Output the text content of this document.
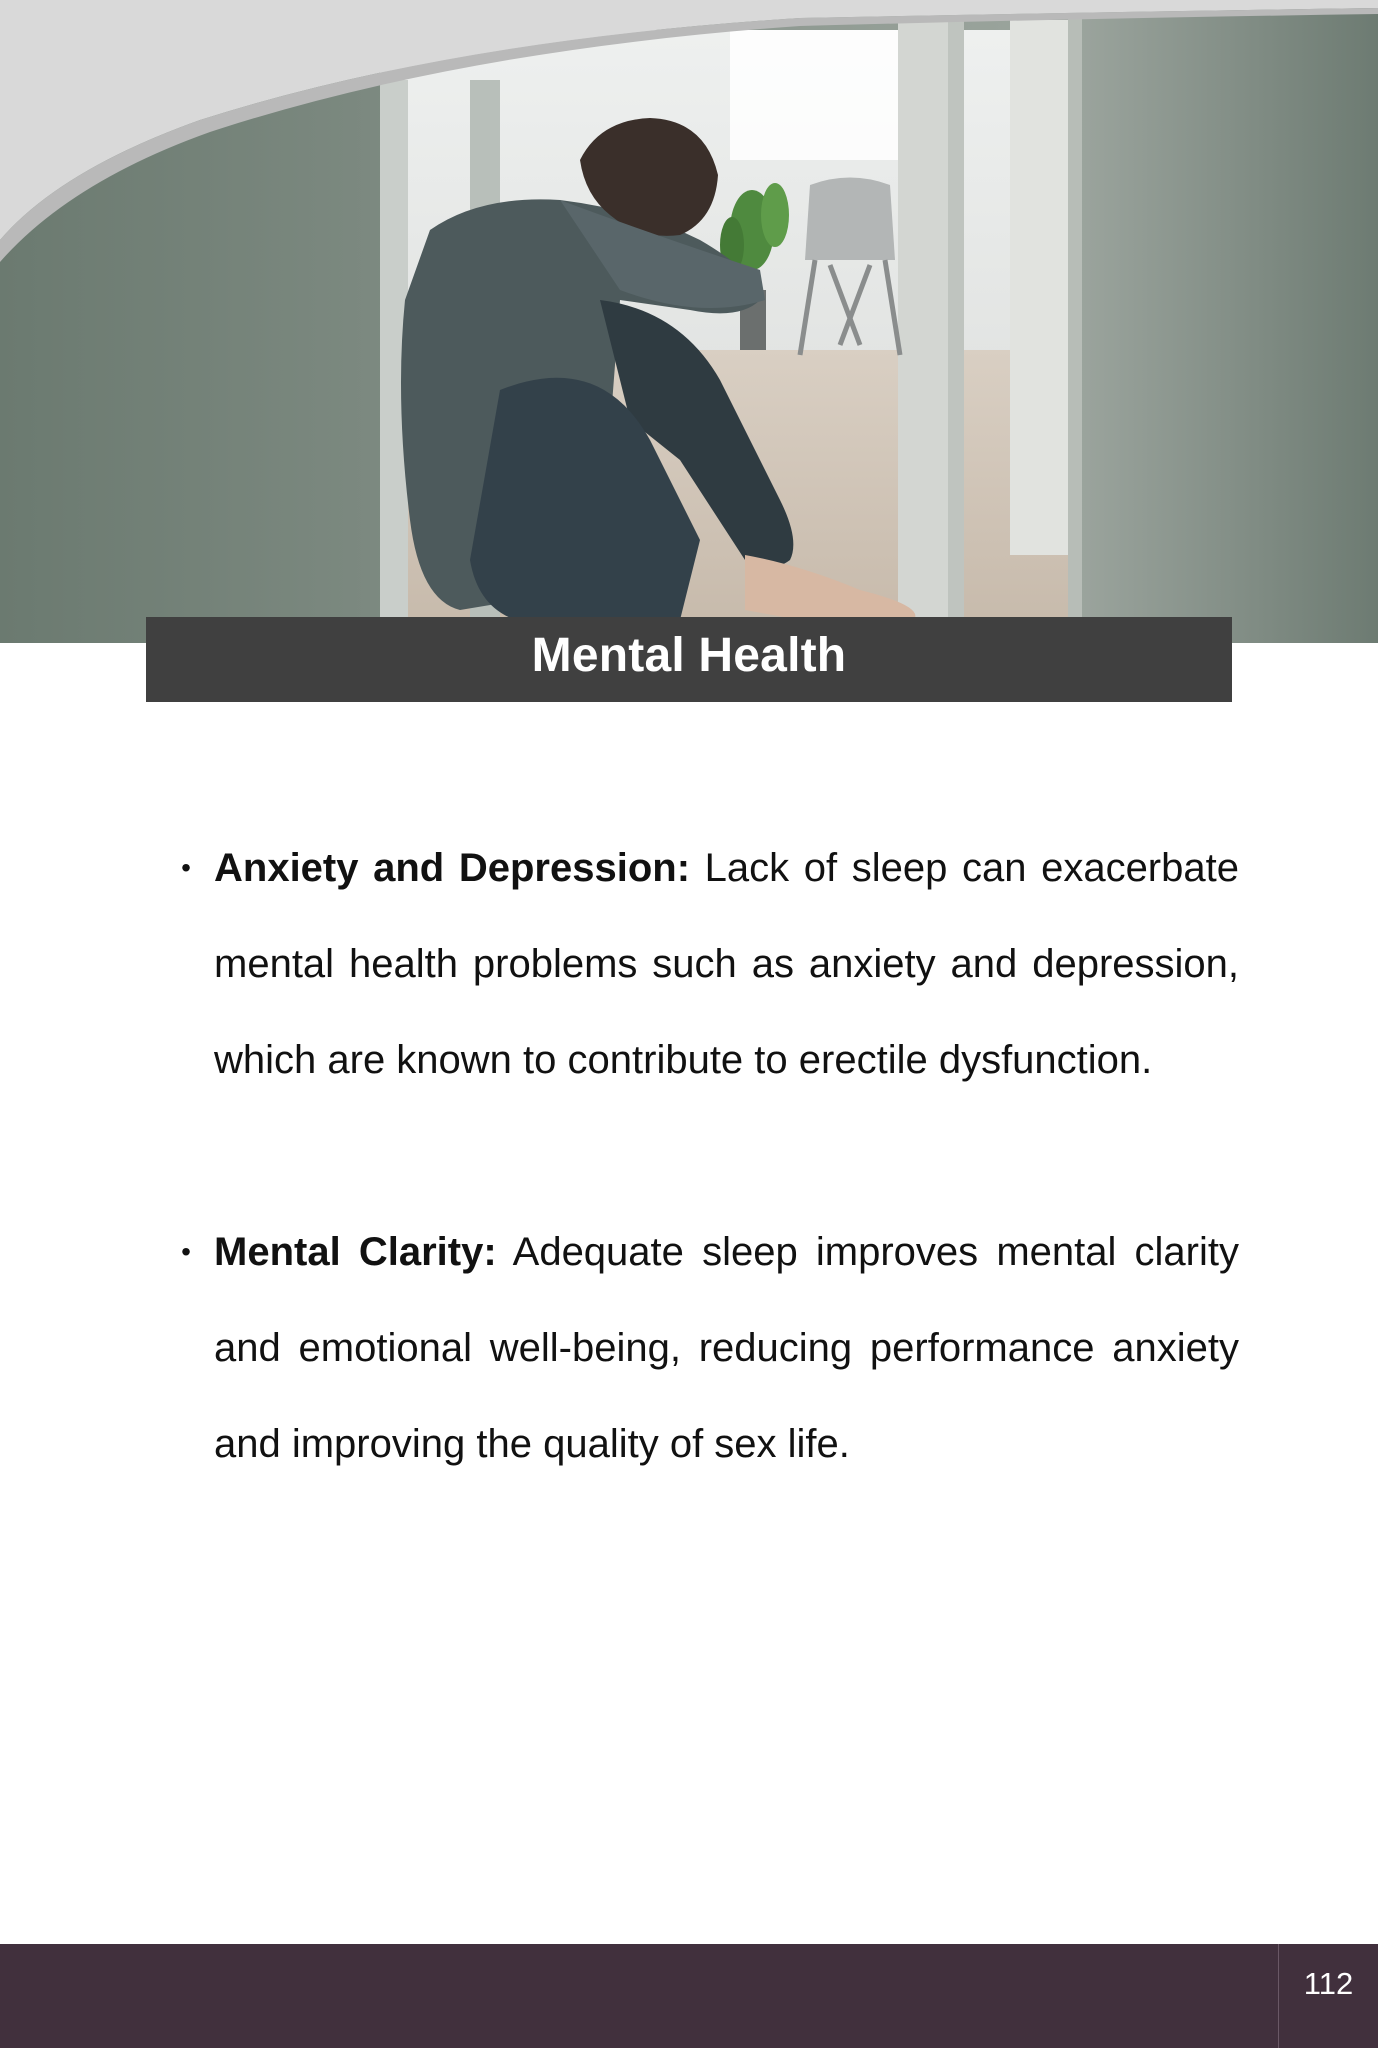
Mental Health
• Anxiety and Depression: Lack of sleep can exacerbate mental health problems such as anxiety and depression, which are known to contribute to erectile dysfunction.
• Mental Clarity: Adequate sleep improves mental clarity and emotional well-being, reducing performance anxiety and improving the quality of sex life.
112
